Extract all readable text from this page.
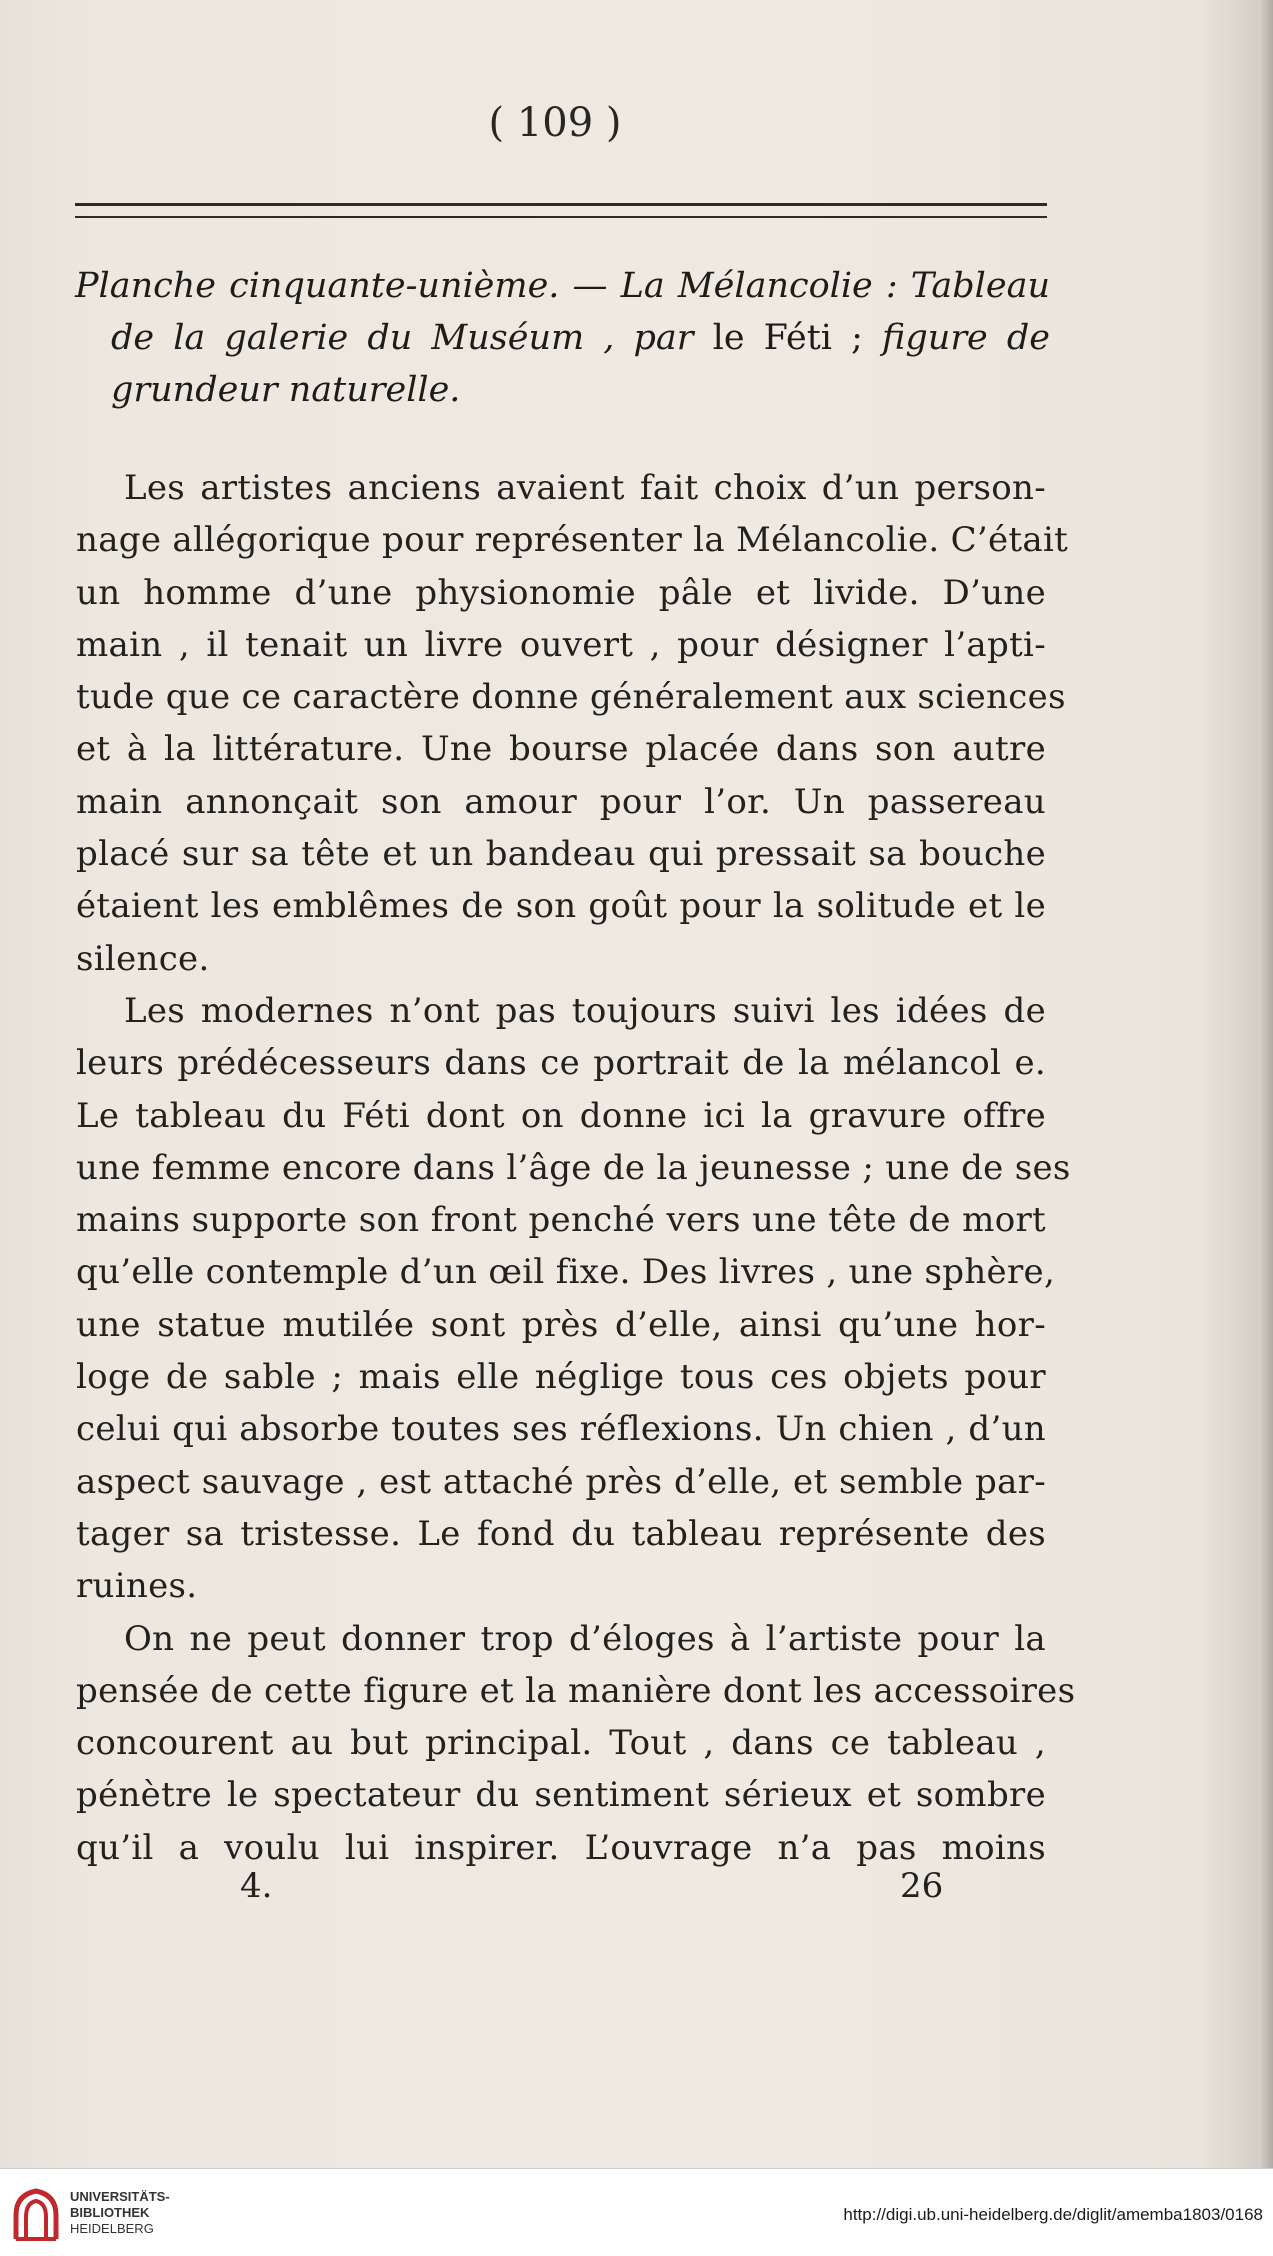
( 109 )
Planche cinquante-unième. — La Mélancolie : Tableau
de la galerie du Muséum , par le Féti ; figure de
grundeur naturelle.
Les artistes anciens avaient fait choix d’un person-
nage allégorique pour représenter la Mélancolie. C’était
un homme d’une physionomie pâle et livide. D’une
main , il tenait un livre ouvert , pour désigner l’apti-
tude que ce caractère donne généralement aux sciences
et à la littérature. Une bourse placée dans son autre
main annonçait son amour pour l’or. Un passereau
placé sur sa tête et un bandeau qui pressait sa bouche
étaient les emblêmes de son goût pour la solitude et le
silence.
Les modernes n’ont pas toujours suivi les idées de
leurs prédécesseurs dans ce portrait de la mélancol e.
Le tableau du Féti dont on donne ici la gravure offre
une femme encore dans l’âge de la jeunesse ; une de ses
mains supporte son front penché vers une tête de mort
qu’elle contemple d’un œil fixe. Des livres , une sphère,
une statue mutilée sont près d’elle, ainsi qu’une hor-
loge de sable ; mais elle néglige tous ces objets pour
celui qui absorbe toutes ses réflexions. Un chien , d’un
aspect sauvage , est attaché près d’elle, et semble par-
tager sa tristesse. Le fond du tableau représente des
ruines.
On ne peut donner trop d’éloges à l’artiste pour la
pensée de cette figure et la manière dont les accessoires
concourent au but principal. Tout , dans ce tableau ,
pénètre le spectateur du sentiment sérieux et sombre
qu’il a voulu lui inspirer. L’ouvrage n’a pas moins
4.	26
UNIVERSITÄTS-
BIBLIOTHEK
HEIDELBERG
http://digi.ub.uni-heidelberg.de/diglit/amemba1803/0168
